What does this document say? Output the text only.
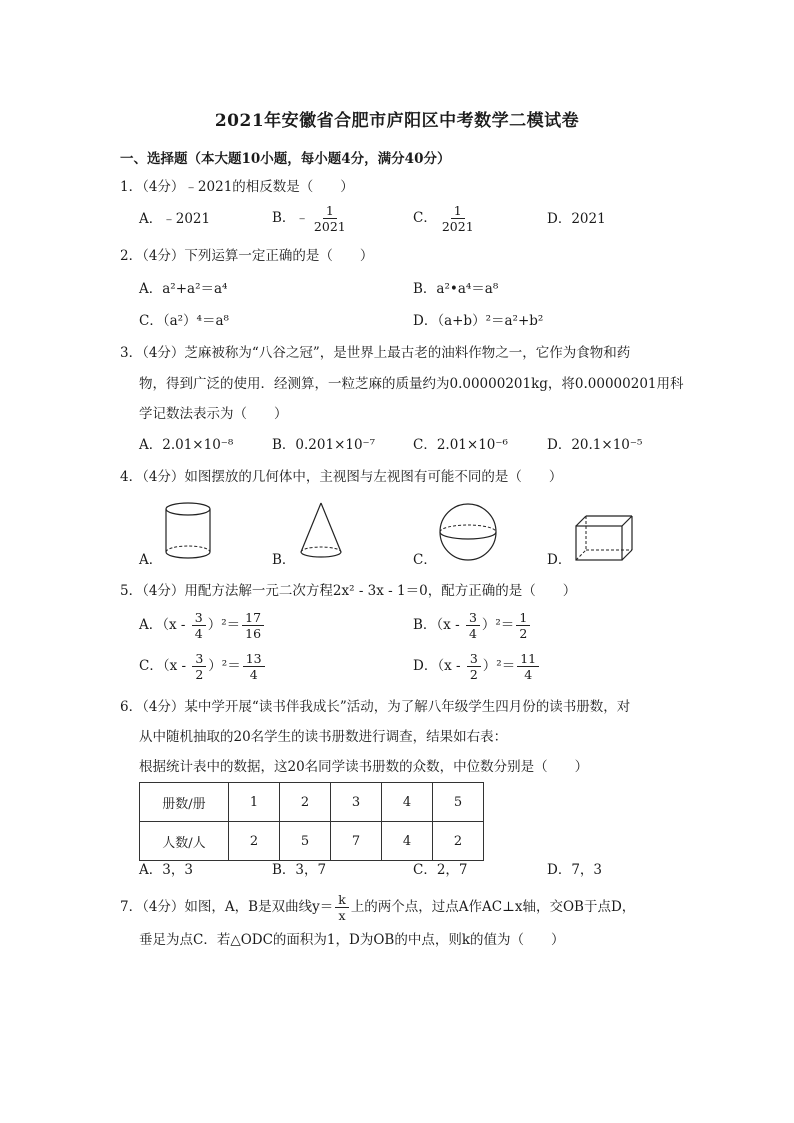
2021年安徽省合肥市庐阳区中考数学二模试卷
一、选择题（本大题10小题，每小题4分，满分40分）
1．（4分）﹣2021的相反数是（　　）
A．﹣2021	B．﹣ $\frac{1}{2021}$	C． $\frac{1}{2021}$	D．2021
2．（4分）下列运算一定正确的是（　　）
A．a²+a²＝a⁴	B．a²•a⁴＝a⁸
C．（a²）⁴＝a⁸	D．（a+b）²＝a²+b²
3．（4分）芝麻被称为“八谷之冠”，是世界上最古老的油料作物之一，它作为食物和药
物，得到广泛的使用．经测算，一粒芝麻的质量约为0.00000201kg，将0.00000201用科
学记数法表示为（　　）
A．2.01×10⁻⁸	B．0.201×10⁻⁷	C．2.01×10⁻⁶	D．20.1×10⁻⁵
4．（4分）如图摆放的几何体中，主视图与左视图有可能不同的是（　　）
A．	B．	C．	D．
5．（4分）用配方法解一元二次方程2x² - 3x - 1＝0，配方正确的是（　　）
A．$(x - \frac{3}{4} )^2= \frac{17}{16}$	B．$(x - \frac{3}{4} )^2= \frac{1}{2}$
C．$(x - \frac{3}{2} )^2= \frac{13}{4}$	D．$(x - \frac{3}{2} )^2= \frac{11}{4}$
6．（4分）某中学开展“读书伴我成长”活动，为了解八年级学生四月份的读书册数，对
从中随机抽取的20名学生的读书册数进行调查，结果如右表：
根据统计表中的数据，这20名同学读书册数的众数，中位数分别是（　　）
册数/册	1	2	3	4	5
人数/人	2	5	7	4	2
A．3，3	B．3，7	C．2，7	D．7，3
7．（4分）如图，A，B是双曲线$y= \frac{k}{x}$ 上的两个点，过点A作AC⊥x轴，交OB于点D，
垂足为点C．若△ODC的面积为1，D为OB的中点，则k的值为（　　）
